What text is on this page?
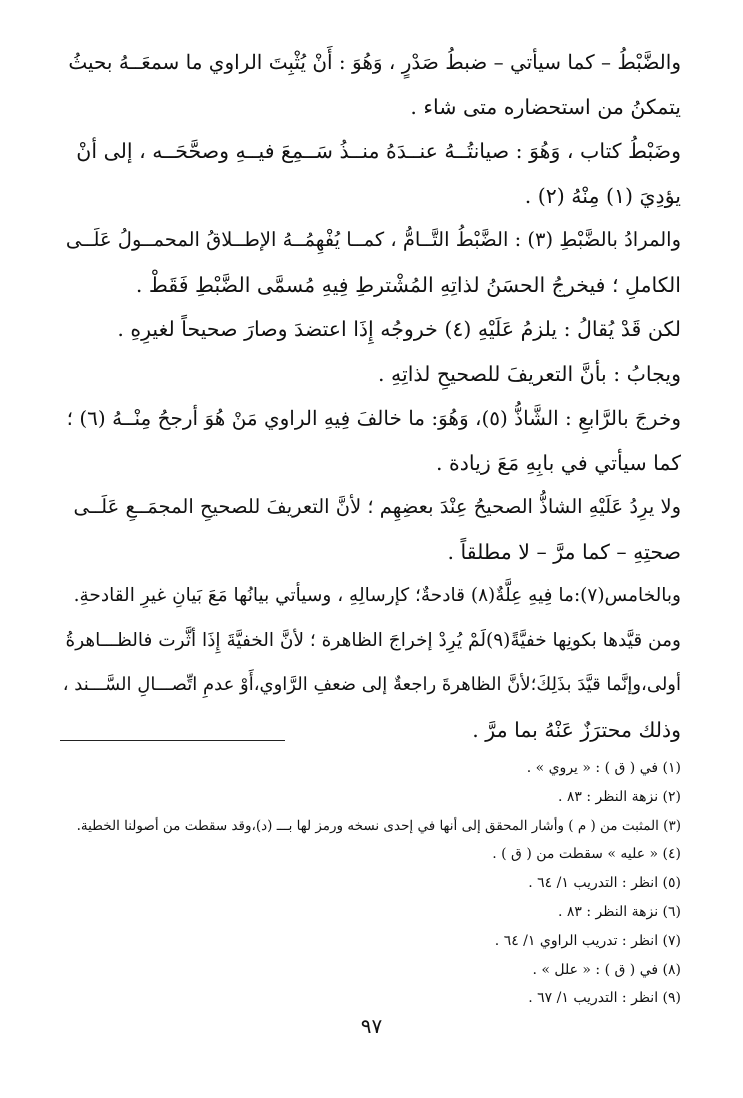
والضَّبْطُ – كما سيأتي – ضبطُ صَدْرٍ ، وَهُوَ : أَنْ يُثْبِتَ الراوي ما سمعَــهُ بحيثُ
يتمكنُ من استحضاره متى شاء .
وضَبْطُ كتاب ، وَهُوَ : صيانتُــهُ عنــدَهُ منــذُ سَــمِعَ فيــهِ وصحَّحَــه ، إلى أنْ
يؤدِيَ (١) مِنْهُ (٢) .
والمرادُ بالضَّبْطِ (٣) : الضَّبْطُ التَّــامُّ ، كمــا يُفْهِمُــهُ الإطــلاقُ المحمــولُ عَلَــى
الكاملِ ؛ فيخرجُ الحسَنُ لذاتِهِ المُشْترطِ فِيهِ مُسمَّى الضَّبْطِ فَقَطْ .
لكن قَدْ يُقالُ : يلزمُ عَلَيْهِ (٤) خروجُه إِذَا اعتضدَ وصارَ صحيحاً لغيرِهِ .
ويجابُ : بأنَّ التعريفَ للصحيحِ لذاتِهِ .
وخرجَ بالرَّابعِ : الشَّاذُّ (٥)، وَهُوَ: ما خالفَ فِيهِ الراوي مَنْ هُوَ أرجحُ مِنْــهُ (٦) ؛
كما سيأتي في بابِهِ مَعَ زيادة .
ولا يرِدُ عَلَيْهِ الشاذُّ الصحيحُ عِنْدَ بعضِهِم ؛ لأنَّ التعريفَ للصحيحِ المجمَــعِ عَلَــى
صحتِهِ – كما مرَّ – لا مطلقاً .
وبالخامس(٧):ما فِيهِ عِلَّةٌ(٨) قادحةٌ؛ كإرسالِهِ ، وسيأتي بيانُها مَعَ بَيانِ غيرِ القادحةِ.
ومن قيَّدها بكونِها خفيَّةً(٩)لَمْ يُرِدْ إخراجَ الظاهرة ؛ لأنَّ الخفيَّةَ إِذَا أثَّرت فالظـــاهرةُ
أولى،وإنَّما قيَّدَ بذَلِكَ؛لأنَّ الظاهرةَ راجعةٌ إلى ضعفِ الرَّاوي،أَوْ عدمِ اتِّصـــالِ السَّـــند ،
وذلك محترَزٌ عَنْهُ بما مرَّ .
(١) في ( ق ) : « يروي » .
(٢) نزهة النظر : ٨٣ .
(٣) المثبت من ( م ) وأشار المحقق إلى أنها في إحدى نسخه ورمز لها بـــ (د)،وقد سقطت من أصولنا الخطية.
(٤) « عليه » سقطت من ( ق ) .
(٥) انظر : التدريب ١/ ٦٤ .
(٦) نزهة النظر : ٨٣ .
(٧) انظر : تدريب الراوي ١/ ٦٤ .
(٨) في ( ق ) : « علل » .
(٩) انظر : التدريب ١/ ٦٧ .
٩٧
